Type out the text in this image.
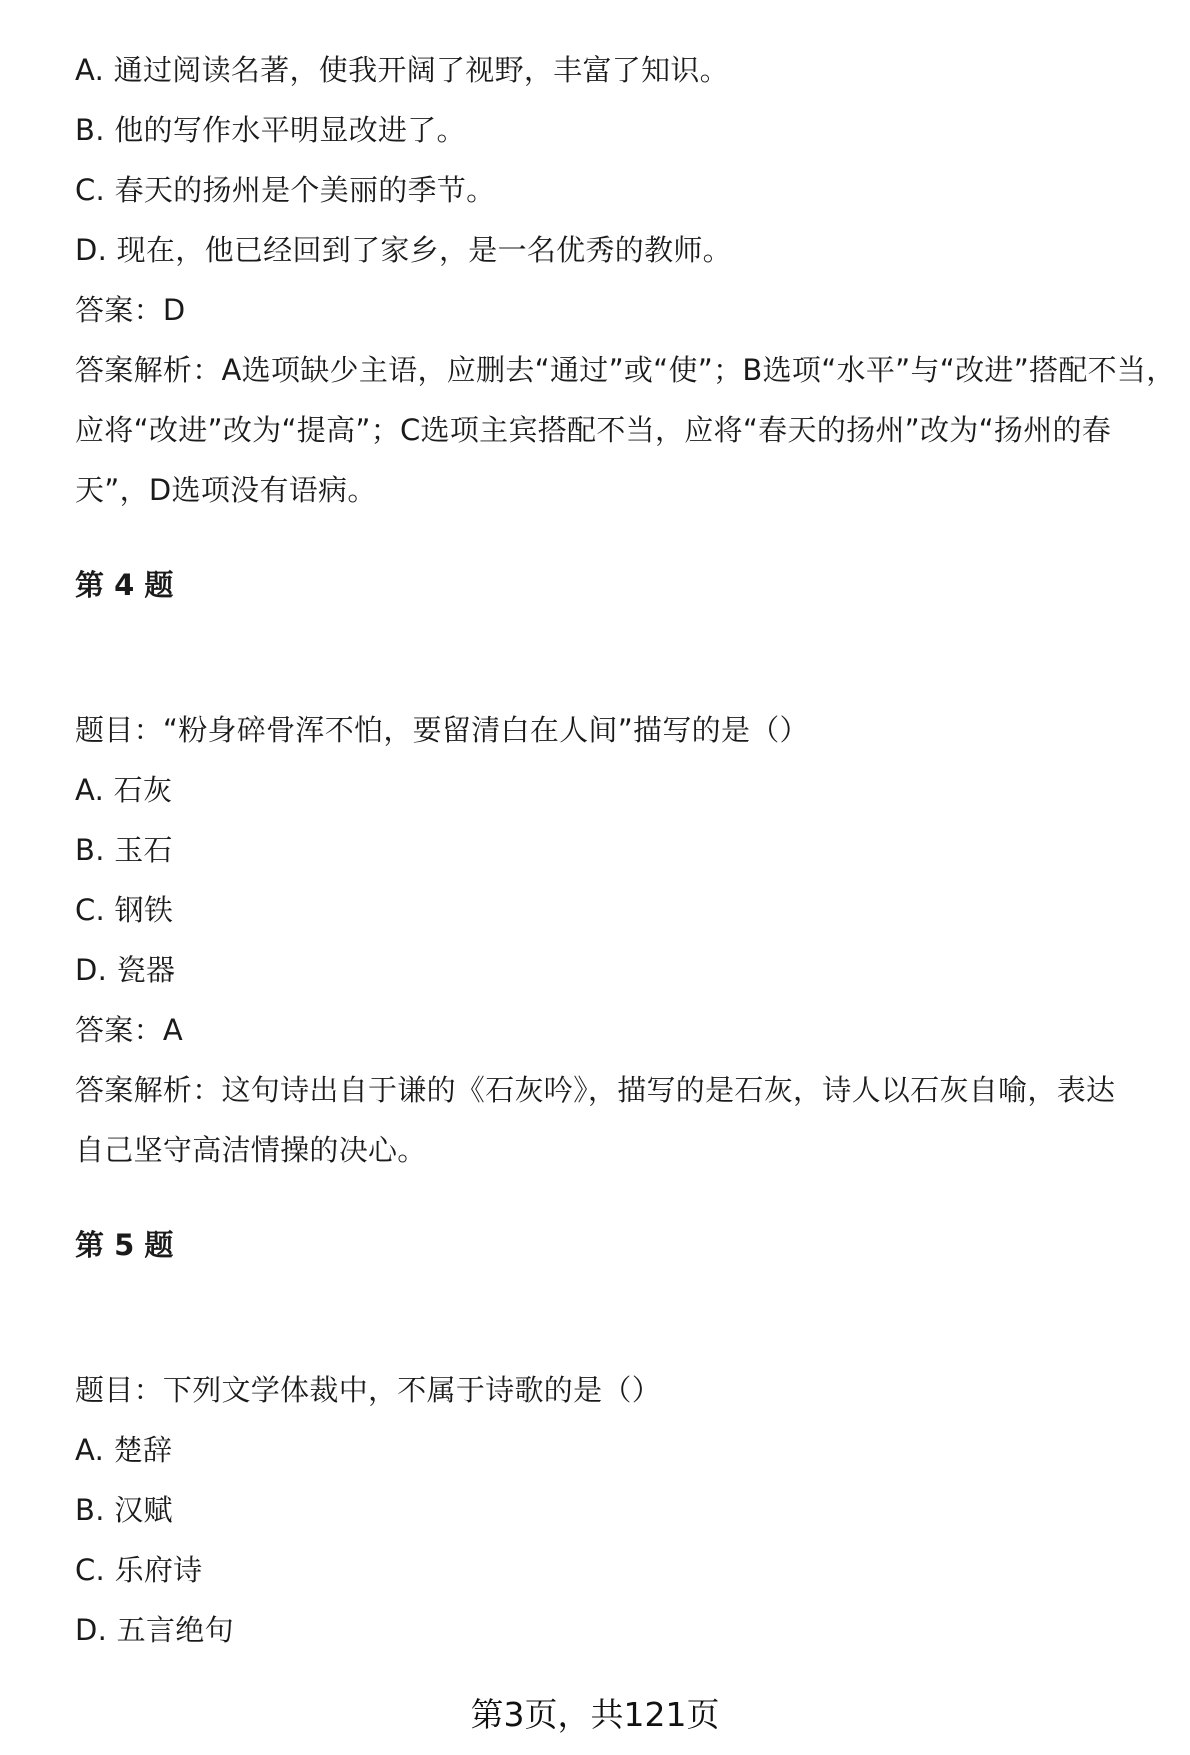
A. 通过阅读名著，使我开阔了视野，丰富了知识。
B. 他的写作水平明显改进了。
C. 春天的扬州是个美丽的季节。
D. 现在，他已经回到了家乡，是一名优秀的教师。
答案：D
答案解析：A选项缺少主语，应删去“通过”或“使”；B选项“水平”与“改进”搭配不当，
应将“改进”改为“提高”；C选项主宾搭配不当，应将“春天的扬州”改为“扬州的春
天”，D选项没有语病。
第 4 题
题目：“粉身碎骨浑不怕，要留清白在人间”描写的是（）
A. 石灰
B. 玉石
C. 钢铁
D. 瓷器
答案：A
答案解析：这句诗出自于谦的《石灰吟》，描写的是石灰，诗人以石灰自喻，表达
自己坚守高洁情操的决心。
第 5 题
题目：下列文学体裁中，不属于诗歌的是（）
A. 楚辞
B. 汉赋
C. 乐府诗
D. 五言绝句
第3页，共121页
